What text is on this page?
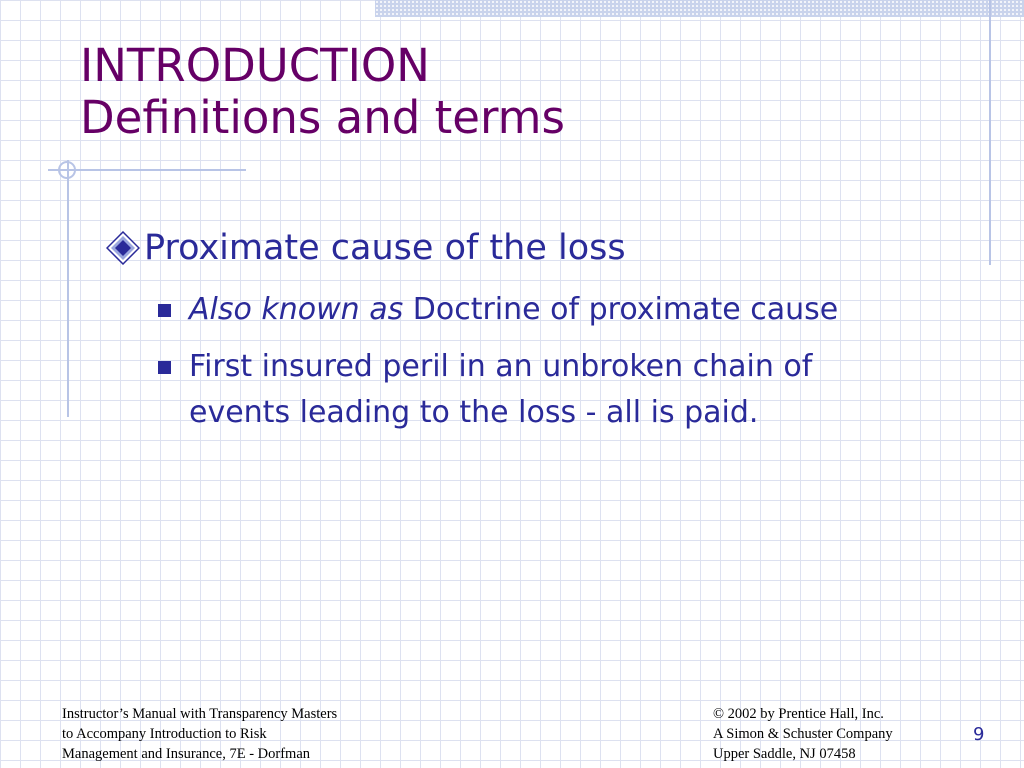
INTRODUCTION
Definitions and terms
Proximate cause of the loss
Also known as Doctrine of proximate cause
First insured peril in an unbroken chain of
events leading to the loss - all is paid.
Instructor’s Manual with Transparency Masters
to Accompany Introduction to Risk
Management and Insurance, 7E - Dorfman
© 2002 by Prentice Hall, Inc.
A Simon & Schuster Company
Upper Saddle, NJ 07458
9
